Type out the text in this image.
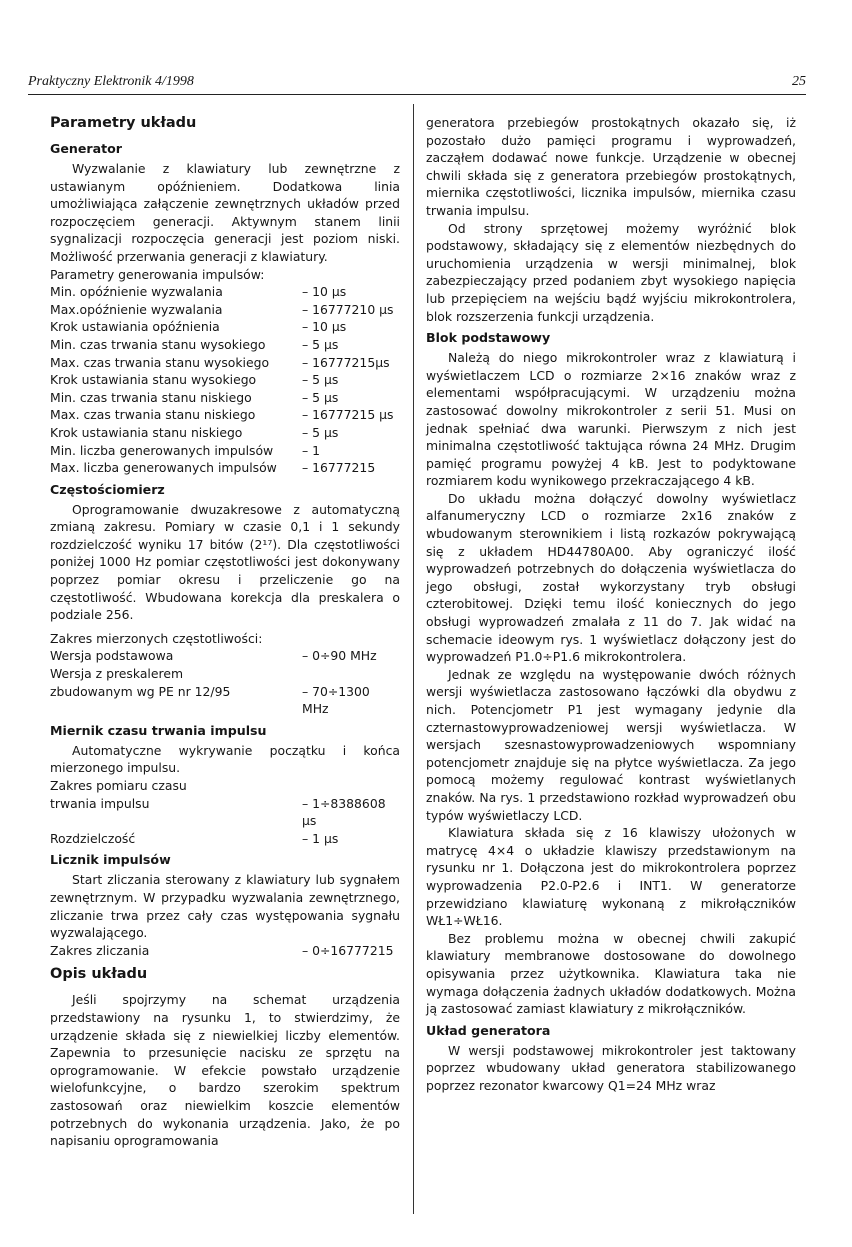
Praktyczny Elektronik 4/1998	25
Parametry układu
Generator

Wyzwalanie z klawiatury lub zewnętrzne z ustawianym opóźnieniem. Dodatkowa linia umożliwiająca załączenie zewnętrznych układów przed rozpoczęciem generacji. Aktywnym stanem linii sygnalizacji rozpoczęcia generacji jest poziom niski. Możliwość przerwania generacji z klawiatury.

Parametry generowania impulsów:

Min. opóźnienie wyzwalania	– 10 µs
Max.opóźnienie wyzwalania	– 16777210 µs
Krok ustawiania opóźnienia	– 10 µs
Min. czas trwania stanu wysokiego	– 5 µs
Max. czas trwania stanu wysokiego	– 16777215µs
Krok ustawiania stanu wysokiego	– 5 µs
Min. czas trwania stanu niskiego	– 5 µs
Max. czas trwania stanu niskiego	– 16777215 µs
Krok ustawiania stanu niskiego	– 5 µs
Min. liczba generowanych impulsów – 1
Max. liczba generowanych impulsów – 16777215
Częstościomierz

Oprogramowanie dwuzakresowe z automatyczną zmianą zakresu. Pomiary w czasie 0,1 i 1 sekundy rozdzielczość wyniku 17 bitów (2¹⁷). Dla częstotliwości poniżej 1000 Hz pomiar częstotliwości jest dokonywany poprzez pomiar okresu i przeliczenie go na częstotliwość. Wbudowana korekcja dla preskalera o podziale 256.

Zakres mierzonych częstotliwości:

Wersja podstawowa	– 0÷90 MHz
Wersja z preskalerem
zbudowanym wg PE nr 12/95	– 70÷1300 MHz
Miernik czasu trwania impulsu

Automatyczne wykrywanie początku i końca mierzonego impulsu.

Zakres pomiaru czasu
trwania impulsu	– 1÷8388608 µs
Rozdzielczość	– 1 µs
Licznik impulsów

Start zliczania sterowany z klawiatury lub sygnałem zewnętrznym. W przypadku wyzwalania zewnętrznego, zliczanie trwa przez cały czas występowania sygnału wyzwalającego.

Zakres zliczania	– 0÷16777215
Opis układu

Jeśli spojrzymy na schemat urządzenia przedstawiony na rysunku 1, to stwierdzimy, że urządzenie składa się z niewielkiej liczby elementów. Zapewnia to przesunięcie nacisku ze sprzętu na oprogramowanie. W efekcie powstało urządzenie wielofunkcyjne, o bardzo szerokim spektrum zastosowań oraz niewielkim koszcie elementów potrzebnych do wykonania urządzenia. Jako, że po napisaniu oprogramowania

generatora przebiegów prostokątnych okazało się, iż pozostało dużo pamięci programu i wyprowadzeń, zacząłem dodawać nowe funkcje. Urządzenie w obecnej chwili składa się z generatora przebiegów prostokątnych, miernika częstotliwości, licznika impulsów, miernika czasu trwania impulsu.

Od strony sprzętowej możemy wyróżnić blok podstawowy, składający się z elementów niezbędnych do uruchomienia urządzenia w wersji minimalnej, blok zabezpieczający przed podaniem zbyt wysokiego napięcia lub przepięciem na wejściu bądź wyjściu mikrokontrolera, blok rozszerzenia funkcji urządzenia.

Blok podstawowy

Należą do niego mikrokontroler wraz z klawiaturą i wyświetlaczem LCD o rozmiarze 2×16 znaków wraz z elementami współpracującymi. W urządzeniu można zastosować dowolny mikrokontroler z serii 51. Musi on jednak spełniać dwa warunki. Pierwszym z nich jest minimalna częstotliwość taktująca równa 24 MHz. Drugim pamięć programu powyżej 4 kB. Jest to podyktowane rozmiarem kodu wynikowego przekraczającego 4 kB.

Do układu można dołączyć dowolny wyświetlacz alfanumeryczny LCD o rozmiarze 2x16 znaków z wbudowanym sterownikiem i listą rozkazów pokrywającą się z układem HD44780A00. Aby ograniczyć ilość wyprowadzeń potrzebnych do dołączenia wyświetlacza do jego obsługi, został wykorzystany tryb obsługi czterobitowej. Dzięki temu ilość koniecznych do jego obsługi wyprowadzeń zmalała z 11 do 7. Jak widać na schemacie ideowym rys. 1 wyświetlacz dołączony jest do wyprowadzeń P1.0÷P1.6 mikrokontrolera.

Jednak ze względu na występowanie dwóch różnych wersji wyświetlacza zastosowano łączówki dla obydwu z nich. Potencjometr P1 jest wymagany jedynie dla czternastowyprowadzeniowej wersji wyświetlacza. W wersjach szesnastowyprowadzeniowych wspomniany potencjometr znajduje się na płytce wyświetlacza. Za jego pomocą możemy regulować kontrast wyświetlanych znaków. Na rys. 1 przedstawiono rozkład wyprowadzeń obu typów wyświetlaczy LCD.

Klawiatura składa się z 16 klawiszy ułożonych w matrycę 4×4 o układzie klawiszy przedstawionym na rysunku nr 1. Dołączona jest do mikrokontrolera poprzez wyprowadzenia P2.0-P2.6 i INT1. W generatorze przewidziano klawiaturę wykonaną z mikrołączników WŁ1÷WŁ16.

Bez problemu można w obecnej chwili zakupić klawiatury membranowe dostosowane do dowolnego opisywania przez użytkownika. Klawiatura taka nie wymaga dołączenia żadnych układów dodatkowych. Można ją zastosować zamiast klawiatury z mikrołączników.

Układ generatora

W wersji podstawowej mikrokontroler jest taktowany poprzez wbudowany układ generatora stabilizowanego poprzez rezonator kwarcowy Q1=24 MHz wraz
